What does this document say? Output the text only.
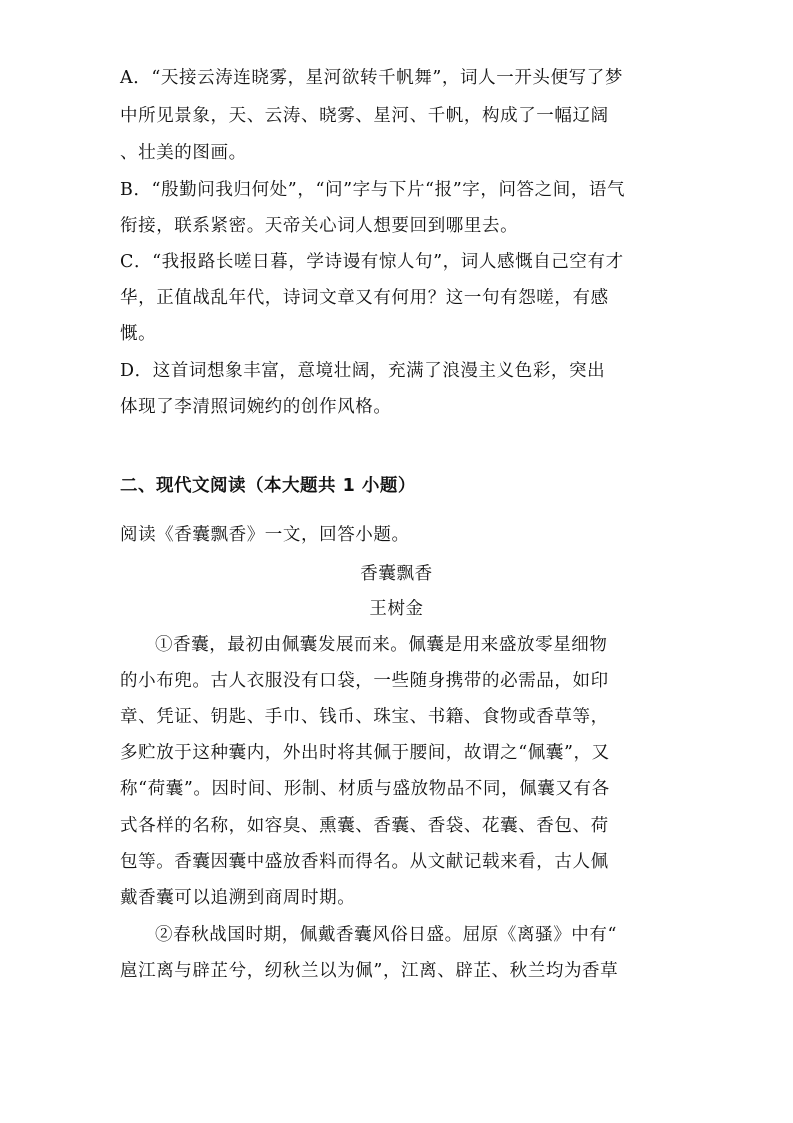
A．“天接云涛连晓雾，星河欲转千帆舞”，词人一开头便写了梦
中所见景象，天、云涛、晓雾、星河、千帆，构成了一幅辽阔
、壮美的图画。
B．“殷勤问我归何处”，“问”字与下片“报”字，问答之间，语气
衔接，联系紧密。天帝关心词人想要回到哪里去。
C．“我报路长嗟日暮，学诗谩有惊人句”，词人感慨自己空有才
华，正值战乱年代，诗词文章又有何用？这一句有怨嗟，有感
慨。
D．这首词想象丰富，意境壮阔，充满了浪漫主义色彩，突出
体现了李清照词婉约的创作风格。
二、现代文阅读（本大题共 1 小题）
阅读《香囊飘香》一文，回答小题。
香囊飘香
王树金
①香囊，最初由佩囊发展而来。佩囊是用来盛放零星细物
的小布兜。古人衣服没有口袋，一些随身携带的必需品，如印
章、凭证、钥匙、手巾、钱币、珠宝、书籍、食物或香草等，
多贮放于这种囊内，外出时将其佩于腰间，故谓之“佩囊”，又
称“荷囊”。因时间、形制、材质与盛放物品不同，佩囊又有各
式各样的名称，如容臭、熏囊、香囊、香袋、花囊、香包、荷
包等。香囊因囊中盛放香料而得名。从文献记载来看，古人佩
戴香囊可以追溯到商周时期。
②春秋战国时期，佩戴香囊风俗日盛。屈原《离骚》中有“
扈江离与辟芷兮，纫秋兰以为佩”，江离、辟芷、秋兰均为香草
